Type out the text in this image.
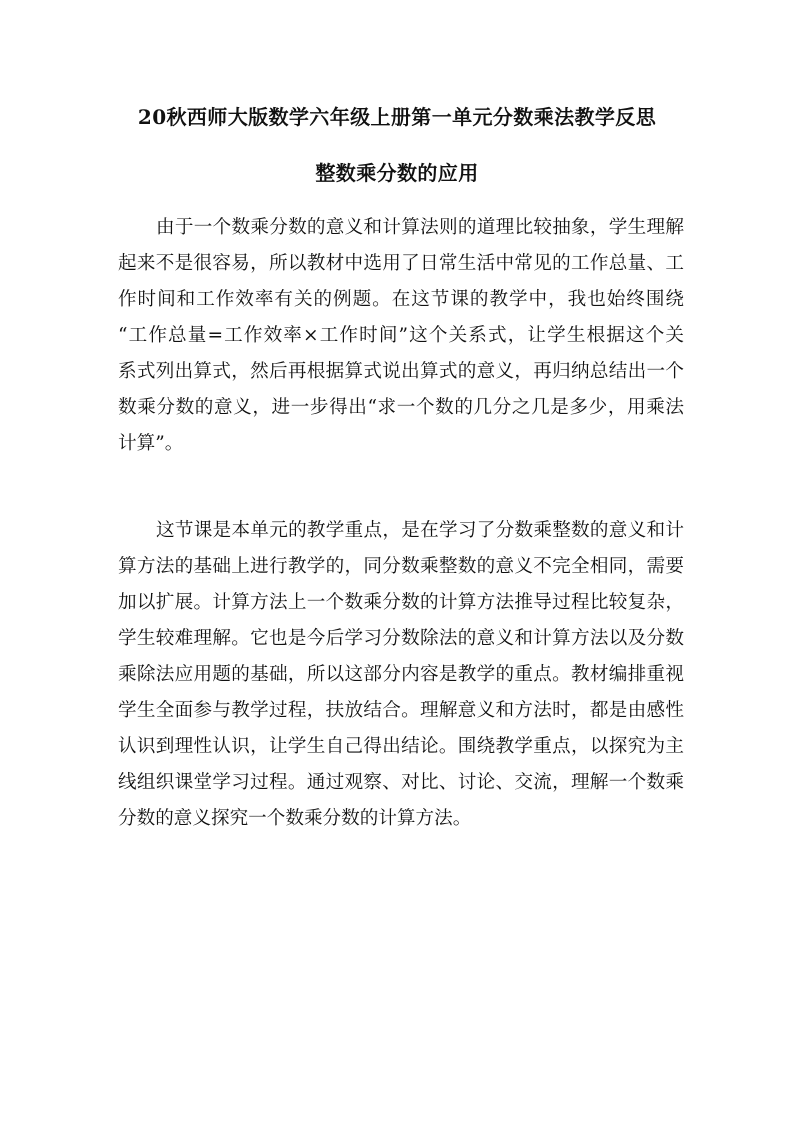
20秋西师大版数学六年级上册第一单元分数乘法教学反思
整数乘分数的应用
由于一个数乘分数的意义和计算法则的道理比较抽象，学生理解
起来不是很容易，所以教材中选用了日常生活中常见的工作总量、工
作时间和工作效率有关的例题。在这节课的教学中，我也始终围绕
“工作总量=工作效率×工作时间”这个关系式，让学生根据这个关
系式列出算式，然后再根据算式说出算式的意义，再归纳总结出一个
数乘分数的意义，进一步得出“求一个数的几分之几是多少，用乘法
计算”。
这节课是本单元的教学重点，是在学习了分数乘整数的意义和计
算方法的基础上进行教学的，同分数乘整数的意义不完全相同，需要
加以扩展。计算方法上一个数乘分数的计算方法推导过程比较复杂，
学生较难理解。它也是今后学习分数除法的意义和计算方法以及分数
乘除法应用题的基础，所以这部分内容是教学的重点。教材编排重视
学生全面参与教学过程，扶放结合。理解意义和方法时，都是由感性
认识到理性认识，让学生自己得出结论。围绕教学重点，以探究为主
线组织课堂学习过程。通过观察、对比、讨论、交流，理解一个数乘
分数的意义探究一个数乘分数的计算方法。
